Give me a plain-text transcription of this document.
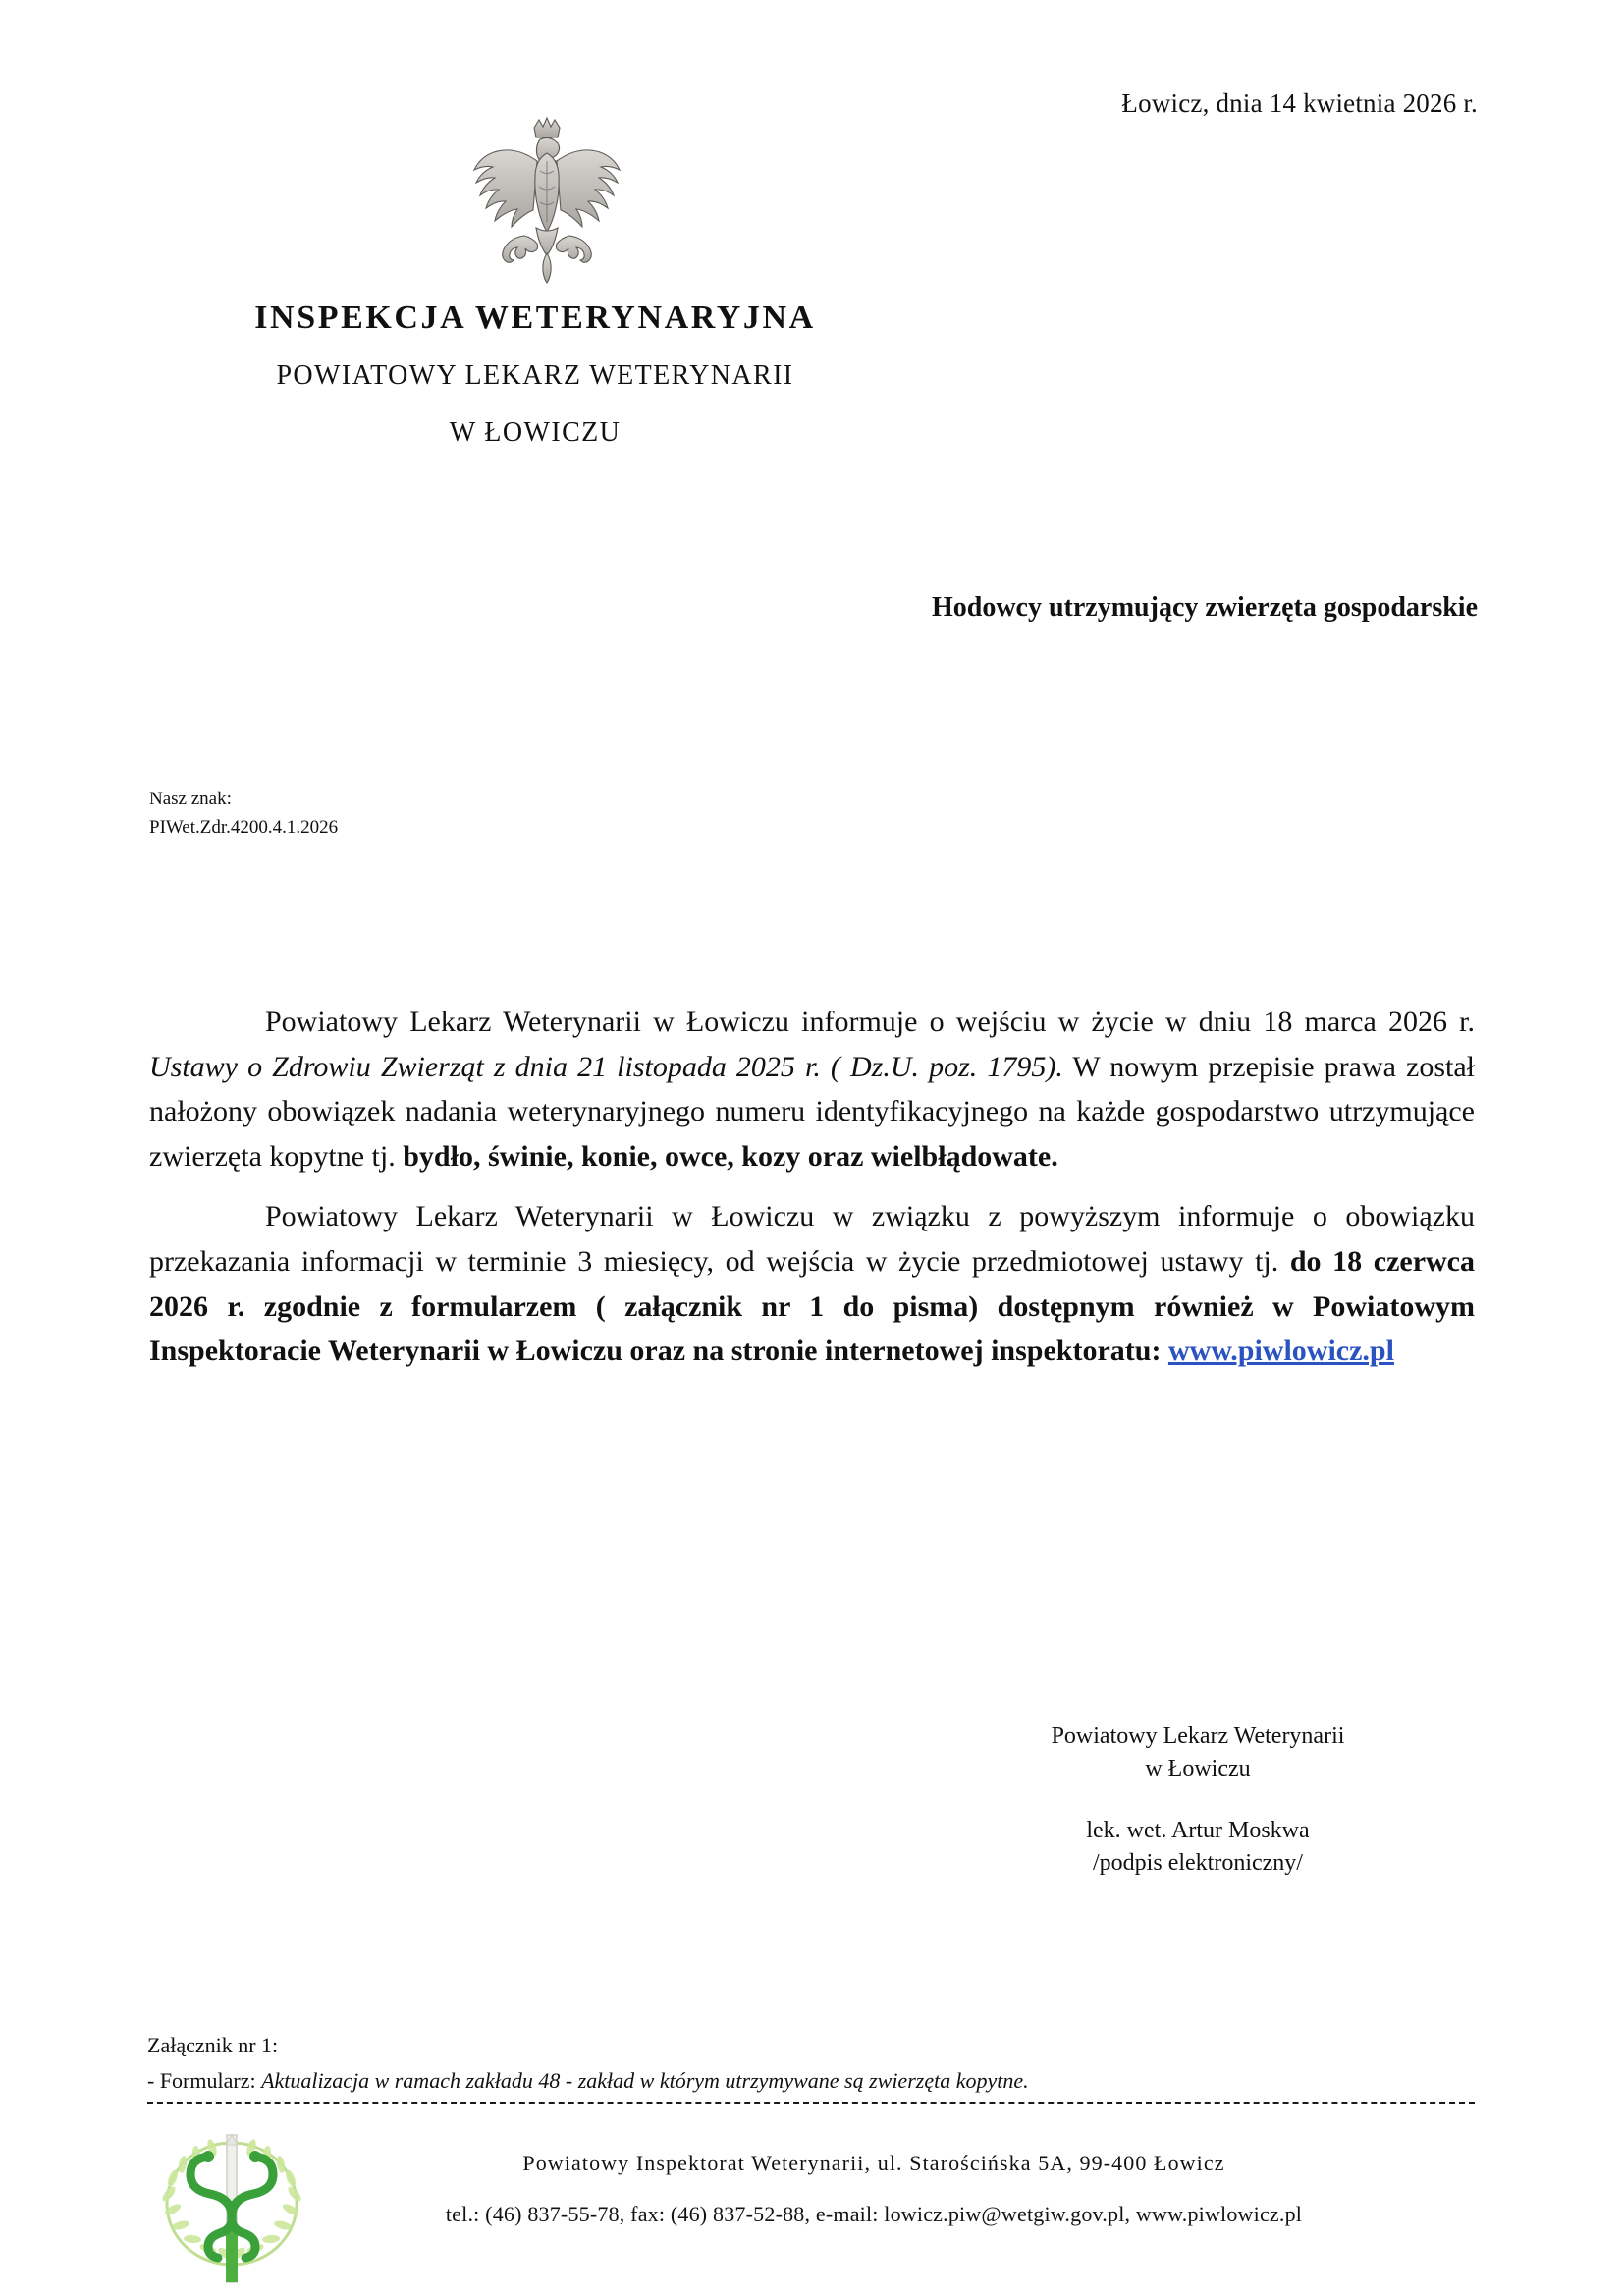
Łowicz, dnia 14 kwietnia 2026 r.
INSPEKCJA WETERYNARYJNA
POWIATOWY LEKARZ WETERYNARII
W ŁOWICZU
Hodowcy utrzymujący zwierzęta gospodarskie
Nasz znak:
PIWet.Zdr.4200.4.1.2026

Powiatowy Lekarz Weterynarii w Łowiczu informuje o wejściu w życie w dniu 18 marca 2026 r. Ustawy o Zdrowiu Zwierząt z dnia 21 listopada 2025 r. ( Dz.U. poz. 1795). W nowym przepisie prawa został nałożony obowiązek nadania weterynaryjnego numeru identyfikacyjnego na każde gospodarstwo utrzymujące zwierzęta kopytne tj. bydło, świnie, konie, owce, kozy oraz wielbłądowate.

Powiatowy Lekarz Weterynarii w Łowiczu w związku z powyższym informuje o obowiązku przekazania informacji w terminie 3 miesięcy, od wejścia w życie przedmiotowej ustawy tj. do 18 czerwca 2026 r. zgodnie z formularzem ( załącznik nr 1 do pisma) dostępnym również w Powiatowym Inspektoracie Weterynarii w Łowiczu oraz na stronie internetowej inspektoratu: www.piwlowicz.pl

Powiatowy Lekarz Weterynarii
w Łowiczu
lek. wet. Artur Moskwa
/podpis elektroniczny/
Załącznik nr 1:
- Formularz: Aktualizacja w ramach zakładu 48 - zakład w którym utrzymywane są zwierzęta kopytne.
Powiatowy Inspektorat Weterynarii, ul. Starościńska 5A, 99-400 Łowicz
tel.: (46) 837-55-78, fax: (46) 837-52-88, e-mail: lowicz.piw@wetgiw.gov.pl, www.piwlowicz.pl
